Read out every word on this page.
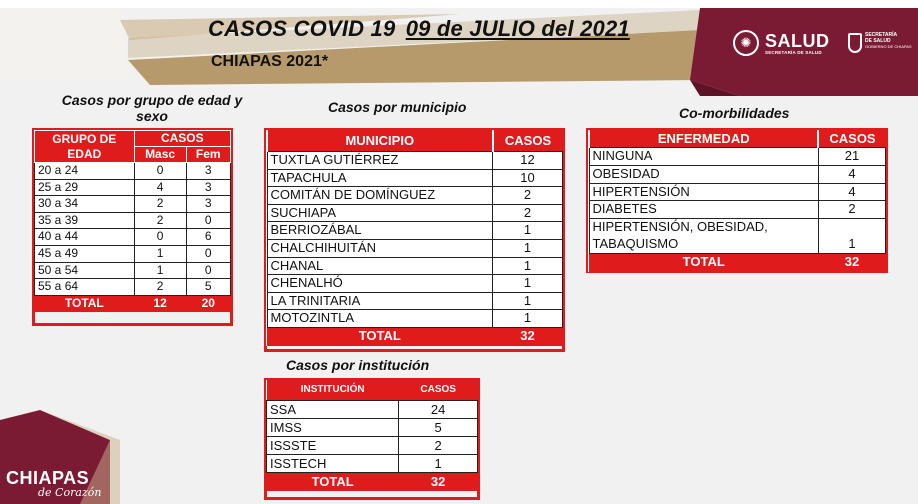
CASOS COVID 19 09 de JULIO del 2021
CHIAPAS 2021*
✺ SALUD
SECRETARÍA DE SALUD
SECRETARÍA
DE SALUD
GOBIERNO DE CHIAPAS
CHIAPAS
de Corazón
Casos por grupo de edad y
sexo
GRUPO DE
EDAD	CASOS	
	Masc	Fem
20 a 24	0	3
25 a 29	4	3
30 a 34	2	3
35 a 39	2	0
40 a 44	0	6
45 a 49	1	0
50 a 54	1	0
55 a 64	2	5
TOTAL	12	20
Casos por municipio
MUNICIPIO	CASOS
TUXTLA GUTIÉRREZ	12
TAPACHULA	10
COMITÁN DE DOMÍNGUEZ	2
SUCHIAPA	2
BERRIOZÁBAL	1
CHALCHIHUITÁN	1
CHANAL	1
CHENALHÓ	1
LA TRINITARIA	1
MOTOZINTLA	1
TOTAL	32
Co-morbilidades
ENFERMEDAD	CASOS
NINGUNA	21
OBESIDAD	4
HIPERTENSIÓN	4
DIABETES	2

HIPERTENSIÓN, OBESIDAD,
TABAQUISMO	1
TOTAL	32
Casos por institución
INSTITUCIÓN	CASOS
SSA	24
IMSS	5
ISSSTE	2
ISSTECH	1
TOTAL	32
